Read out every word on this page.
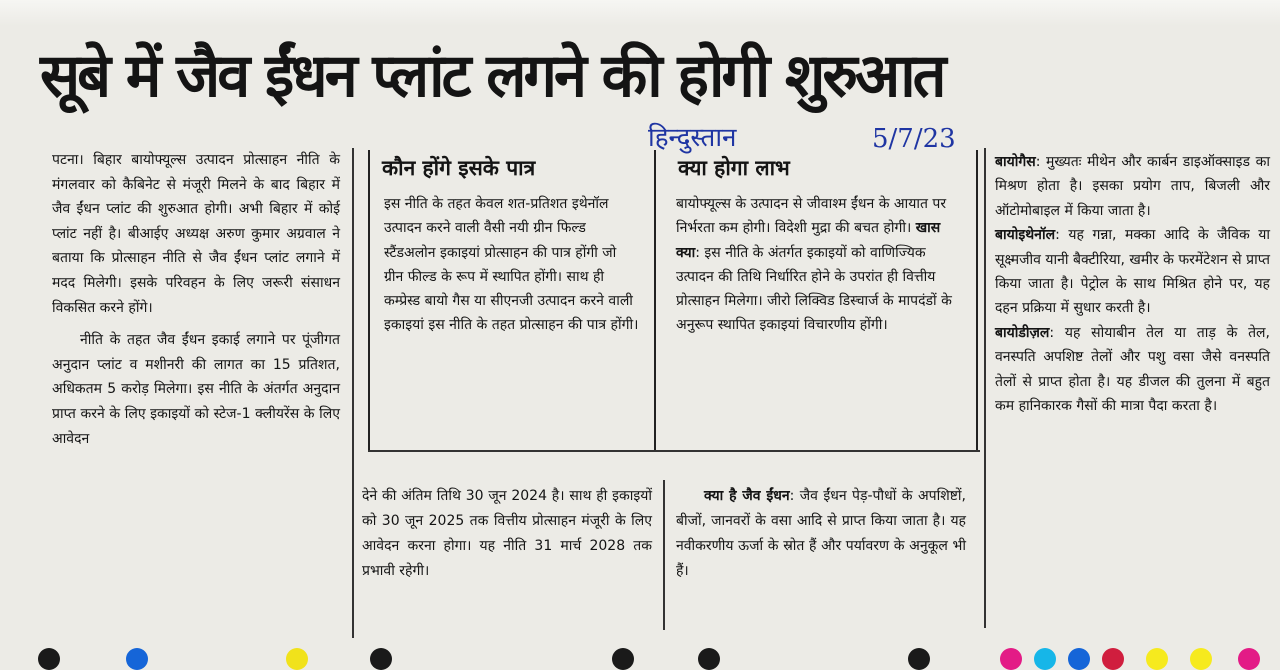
सूबे में जैव ईंधन प्लांट लगने की होगी शुरुआत
हिन्दुस्तान	5/7/23

पटना। बिहार बायोफ्यूल्स उत्पादन प्रोत्साहन नीति के मंगलवार को कैबिनेट से मंजूरी मिलने के बाद बिहार में जैव ईंधन प्लांट की शुरुआत होगी। अभी बिहार में कोई प्लांट नहीं है। बीआईए अध्यक्ष अरुण कुमार अग्रवाल ने बताया कि प्रोत्साहन नीति से जैव ईंधन प्लांट लगाने में मदद मिलेगी। इसके परिवहन के लिए जरूरी संसाधन विकसित करने होंगे।

नीति के तहत जैव ईंधन इकाई लगाने पर पूंजीगत अनुदान प्लांट व मशीनरी की लागत का 15 प्रतिशत, अधिकतम 5 करोड़ मिलेगा। इस नीति के अंतर्गत अनुदान प्राप्त करने के लिए इकाइयों को स्टेज-1 क्लीयरेंस के लिए आवेदन

कौन होंगे इसके पात्र
इस नीति के तहत केवल शत-प्रतिशत इथेनॉल उत्पादन करने वाली वैसी नयी ग्रीन फिल्ड स्टैंडअलोन इकाइयां प्रोत्साहन की पात्र होंगी जो ग्रीन फील्ड के रूप में स्थापित होंगी। साथ ही कम्प्रेस्ड बायो गैस या सीएनजी उत्पादन करने वाली इकाइयां इस नीति के तहत प्रोत्साहन की पात्र होंगी।
क्या होगा लाभ
बायोफ्यूल्स के उत्पादन से जीवाश्म ईंधन के आयात पर निर्भरता कम होगी। विदेशी मुद्रा की बचत होगी। खास क्या: इस नीति के अंतर्गत इकाइयों को वाणिज्यिक उत्पादन की तिथि निर्धारित होने के उपरांत ही वित्तीय प्रोत्साहन मिलेगा। जीरो लिक्विड डिस्चार्ज के मापदंडों के अनुरूप स्थापित इकाइयां विचारणीय होंगी।

देने की अंतिम तिथि 30 जून 2024 है। साथ ही इकाइयों को 30 जून 2025 तक वित्तीय प्रोत्साहन मंजूरी के लिए आवेदन करना होगा। यह नीति 31 मार्च 2028 तक प्रभावी रहेगी।

क्या है जैव ईंधन: जैव ईंधन पेड़-पौधों के अपशिष्टों, बीजों, जानवरों के वसा आदि से प्राप्त किया जाता है। यह नवीकरणीय ऊर्जा के स्रोत हैं और पर्यावरण के अनुकूल भी हैं।

बायोगैस: मुख्यतः मीथेन और कार्बन डाइऑक्साइड का मिश्रण होता है। इसका प्रयोग ताप, बिजली और ऑटोमोबाइल में किया जाता है।

बायोइथेनॉल: यह गन्ना, मक्का आदि के जैविक या सूक्ष्मजीव यानी बैक्टीरिया, खमीर के फरमेंटेशन से प्राप्त किया जाता है। पेट्रोल के साथ मिश्रित होने पर, यह दहन प्रक्रिया में सुधार करती है।

बायोडीज़ल: यह सोयाबीन तेल या ताड़ के तेल, वनस्पति अपशिष्ट तेलों और पशु वसा जैसे वनस्पति तेलों से प्राप्त होता है। यह डीजल की तुलना में बहुत कम हानिकारक गैसों की मात्रा पैदा करता है।
